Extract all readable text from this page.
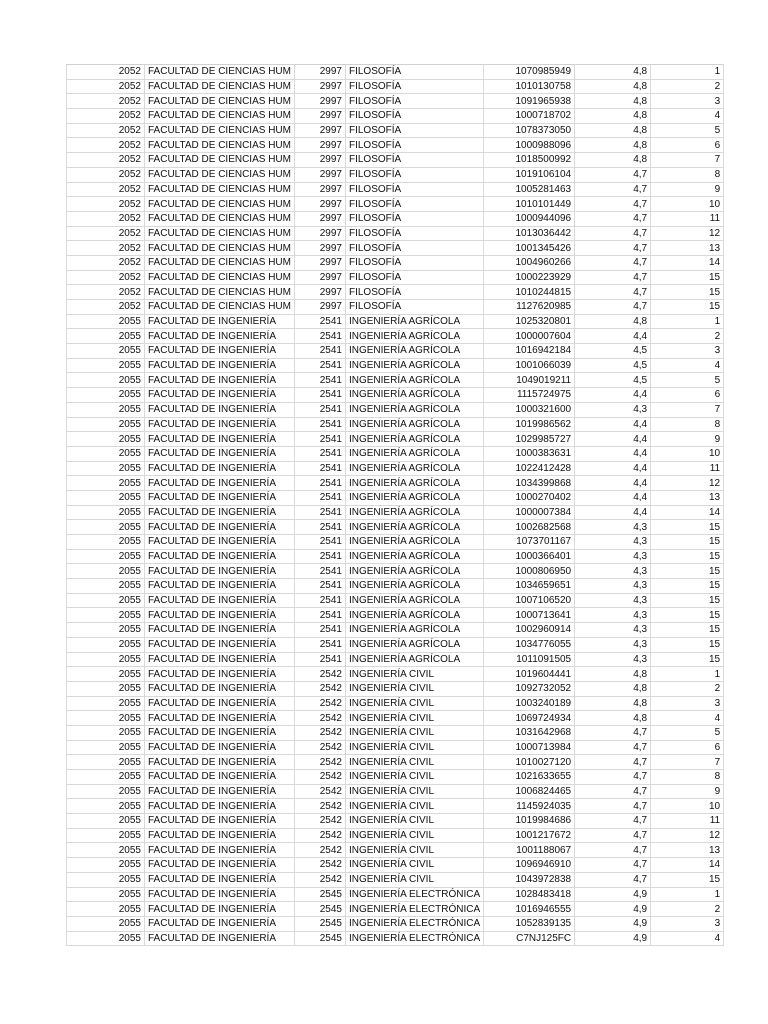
2052	FACULTAD DE CIENCIAS HUM	2997	FILOSOFÍA	1070985949	4,8	1
2052	FACULTAD DE CIENCIAS HUM	2997	FILOSOFÍA	1010130758	4,8	2
2052	FACULTAD DE CIENCIAS HUM	2997	FILOSOFÍA	1091965938	4,8	3
2052	FACULTAD DE CIENCIAS HUM	2997	FILOSOFÍA	1000718702	4,8	4
2052	FACULTAD DE CIENCIAS HUM	2997	FILOSOFÍA	1078373050	4,8	5
2052	FACULTAD DE CIENCIAS HUM	2997	FILOSOFÍA	1000988096	4,8	6
2052	FACULTAD DE CIENCIAS HUM	2997	FILOSOFÍA	1018500992	4,8	7
2052	FACULTAD DE CIENCIAS HUM	2997	FILOSOFÍA	1019106104	4,7	8
2052	FACULTAD DE CIENCIAS HUM	2997	FILOSOFÍA	1005281463	4,7	9
2052	FACULTAD DE CIENCIAS HUM	2997	FILOSOFÍA	1010101449	4,7	10
2052	FACULTAD DE CIENCIAS HUM	2997	FILOSOFÍA	1000944096	4,7	11
2052	FACULTAD DE CIENCIAS HUM	2997	FILOSOFÍA	1013036442	4,7	12
2052	FACULTAD DE CIENCIAS HUM	2997	FILOSOFÍA	1001345426	4,7	13
2052	FACULTAD DE CIENCIAS HUM	2997	FILOSOFÍA	1004960266	4,7	14
2052	FACULTAD DE CIENCIAS HUM	2997	FILOSOFÍA	1000223929	4,7	15
2052	FACULTAD DE CIENCIAS HUM	2997	FILOSOFÍA	1010244815	4,7	15
2052	FACULTAD DE CIENCIAS HUM	2997	FILOSOFÍA	1127620985	4,7	15
2055	FACULTAD DE INGENIERÍA	2541	INGENIERÍA AGRÍCOLA	1025320801	4,8	1
2055	FACULTAD DE INGENIERÍA	2541	INGENIERÍA AGRÍCOLA	1000007604	4,4	2
2055	FACULTAD DE INGENIERÍA	2541	INGENIERÍA AGRÍCOLA	1016942184	4,5	3
2055	FACULTAD DE INGENIERÍA	2541	INGENIERÍA AGRÍCOLA	1001066039	4,5	4
2055	FACULTAD DE INGENIERÍA	2541	INGENIERÍA AGRÍCOLA	1049019211	4,5	5
2055	FACULTAD DE INGENIERÍA	2541	INGENIERÍA AGRÍCOLA	1115724975	4,4	6
2055	FACULTAD DE INGENIERÍA	2541	INGENIERÍA AGRÍCOLA	1000321600	4,3	7
2055	FACULTAD DE INGENIERÍA	2541	INGENIERÍA AGRÍCOLA	1019986562	4,4	8
2055	FACULTAD DE INGENIERÍA	2541	INGENIERÍA AGRÍCOLA	1029985727	4,4	9
2055	FACULTAD DE INGENIERÍA	2541	INGENIERÍA AGRÍCOLA	1000383631	4,4	10
2055	FACULTAD DE INGENIERÍA	2541	INGENIERÍA AGRÍCOLA	1022412428	4,4	11
2055	FACULTAD DE INGENIERÍA	2541	INGENIERÍA AGRÍCOLA	1034399868	4,4	12
2055	FACULTAD DE INGENIERÍA	2541	INGENIERÍA AGRÍCOLA	1000270402	4,4	13
2055	FACULTAD DE INGENIERÍA	2541	INGENIERÍA AGRÍCOLA	1000007384	4,4	14
2055	FACULTAD DE INGENIERÍA	2541	INGENIERÍA AGRÍCOLA	1002682568	4,3	15
2055	FACULTAD DE INGENIERÍA	2541	INGENIERÍA AGRÍCOLA	1073701167	4,3	15
2055	FACULTAD DE INGENIERÍA	2541	INGENIERÍA AGRÍCOLA	1000366401	4,3	15
2055	FACULTAD DE INGENIERÍA	2541	INGENIERÍA AGRÍCOLA	1000806950	4,3	15
2055	FACULTAD DE INGENIERÍA	2541	INGENIERÍA AGRÍCOLA	1034659651	4,3	15
2055	FACULTAD DE INGENIERÍA	2541	INGENIERÍA AGRÍCOLA	1007106520	4,3	15
2055	FACULTAD DE INGENIERÍA	2541	INGENIERÍA AGRÍCOLA	1000713641	4,3	15
2055	FACULTAD DE INGENIERÍA	2541	INGENIERÍA AGRÍCOLA	1002960914	4,3	15
2055	FACULTAD DE INGENIERÍA	2541	INGENIERÍA AGRÍCOLA	1034776055	4,3	15
2055	FACULTAD DE INGENIERÍA	2541	INGENIERÍA AGRÍCOLA	1011091505	4,3	15
2055	FACULTAD DE INGENIERÍA	2542	INGENIERÍA CIVIL	1019604441	4,8	1
2055	FACULTAD DE INGENIERÍA	2542	INGENIERÍA CIVIL	1092732052	4,8	2
2055	FACULTAD DE INGENIERÍA	2542	INGENIERÍA CIVIL	1003240189	4,8	3
2055	FACULTAD DE INGENIERÍA	2542	INGENIERÍA CIVIL	1069724934	4,8	4
2055	FACULTAD DE INGENIERÍA	2542	INGENIERÍA CIVIL	1031642968	4,7	5
2055	FACULTAD DE INGENIERÍA	2542	INGENIERÍA CIVIL	1000713984	4,7	6
2055	FACULTAD DE INGENIERÍA	2542	INGENIERÍA CIVIL	1010027120	4,7	7
2055	FACULTAD DE INGENIERÍA	2542	INGENIERÍA CIVIL	1021633655	4,7	8
2055	FACULTAD DE INGENIERÍA	2542	INGENIERÍA CIVIL	1006824465	4,7	9
2055	FACULTAD DE INGENIERÍA	2542	INGENIERÍA CIVIL	1145924035	4,7	10
2055	FACULTAD DE INGENIERÍA	2542	INGENIERÍA CIVIL	1019984686	4,7	11
2055	FACULTAD DE INGENIERÍA	2542	INGENIERÍA CIVIL	1001217672	4,7	12
2055	FACULTAD DE INGENIERÍA	2542	INGENIERÍA CIVIL	1001188067	4,7	13
2055	FACULTAD DE INGENIERÍA	2542	INGENIERÍA CIVIL	1096946910	4,7	14
2055	FACULTAD DE INGENIERÍA	2542	INGENIERÍA CIVIL	1043972838	4,7	15
2055	FACULTAD DE INGENIERÍA	2545	INGENIERÍA ELECTRÓNICA	1028483418	4,9	1
2055	FACULTAD DE INGENIERÍA	2545	INGENIERÍA ELECTRÓNICA	1016946555	4,9	2
2055	FACULTAD DE INGENIERÍA	2545	INGENIERÍA ELECTRÓNICA	1052839135	4,9	3
2055	FACULTAD DE INGENIERÍA	2545	INGENIERÍA ELECTRÓNICA	C7NJ125FC	4,9	4
